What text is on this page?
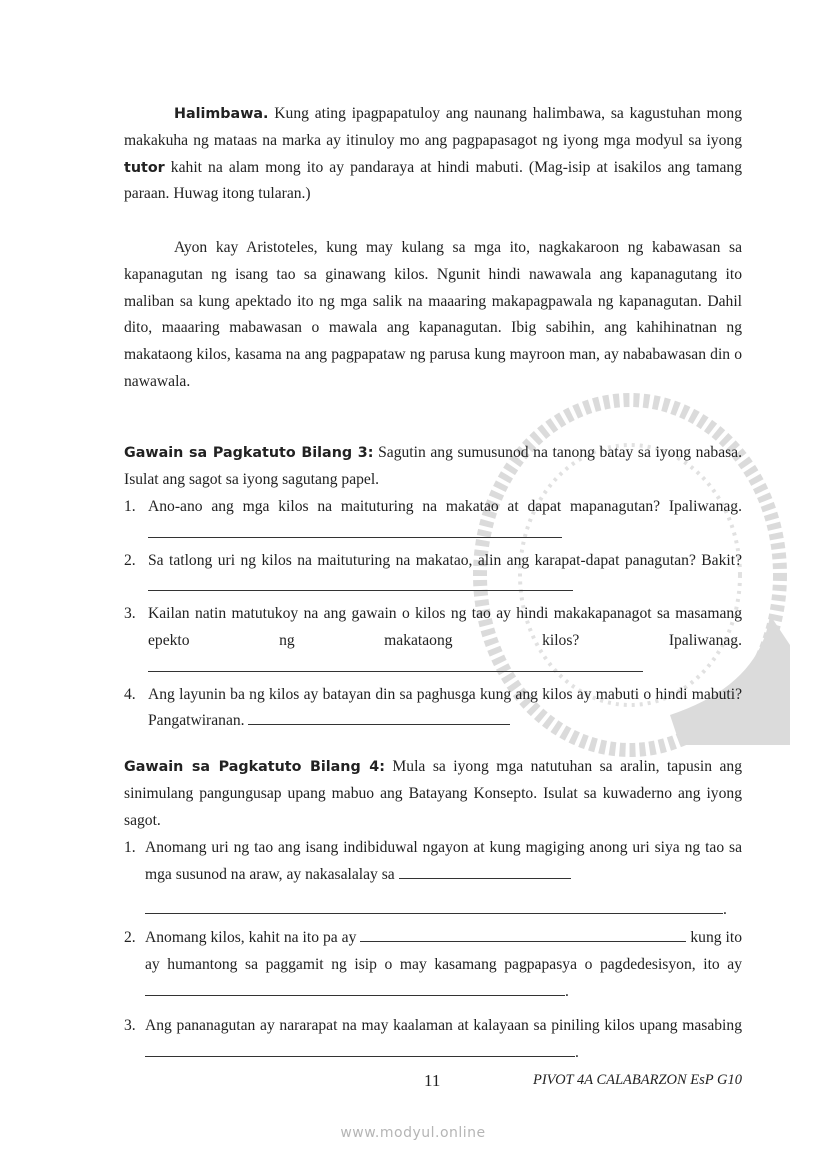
Halimbawa. Kung ating ipagpapatuloy ang naunang halimbawa, sa kagustuhan mong makakuha ng mataas na marka ay itinuloy mo ang pagpapasagot ng iyong mga modyul sa iyong tutor kahit na alam mong ito ay pandaraya at hindi mabuti. (Mag-isip at isakilos ang tamang paraan. Huwag itong tularan.)
Ayon kay Aristoteles, kung may kulang sa mga ito, nagkakaroon ng kabawasan sa kapanagutan ng isang tao sa ginawang kilos. Ngunit hindi nawawala ang kapanagutang ito maliban sa kung apektado ito ng mga salik na maaaring makapagpawala ng kapanagutan. Dahil dito, maaaring mabawasan o mawala ang kapanagutan. Ibig sabihin, ang kahihinatnan ng makataong kilos, kasama na ang pagpapataw ng parusa kung mayroon man, ay nababawasan din o nawawala.
Gawain sa Pagkatuto Bilang 3: Sagutin ang sumusunod na tanong batay sa iyong nabasa. Isulat ang sagot sa iyong sagutang papel.
1. Ano-ano ang mga kilos na maituturing na makatao at dapat mapanagutan? Ipaliwanag.
2. Sa tatlong uri ng kilos na maituturing na makatao, alin ang karapat-dapat panagutan? Bakit?
3. Kailan natin matutukoy na ang gawain o kilos ng tao ay hindi makakapanagot sa masamang epekto ng makataong kilos? Ipaliwanag.
4. Ang layunin ba ng kilos ay batayan din sa paghusga kung ang kilos ay mabuti o hindi mabuti? Pangatwiranan.
Gawain sa Pagkatuto Bilang 4: Mula sa iyong mga natutuhan sa aralin, tapusin ang sinimulang pangungusap upang mabuo ang Batayang Konsepto. Isulat sa kuwaderno ang iyong sagot.
1. Anomang uri ng tao ang isang indibiduwal ngayon at kung magiging anong uri siya ng tao sa mga susunod na araw, ay nakasalalay sa
.
2. Anomang kilos, kahit na ito pa ay	kung ito ay humantong sa paggamit ng isip o may kasamang pagpapasya o pagdedesisyon, ito ay .
3. Ang pananagutan ay nararapat na may kaalaman at kalayaan sa piniling kilos upang masabing .
11	PIVOT 4A CALABARZON EsP G10
www.modyul.online
